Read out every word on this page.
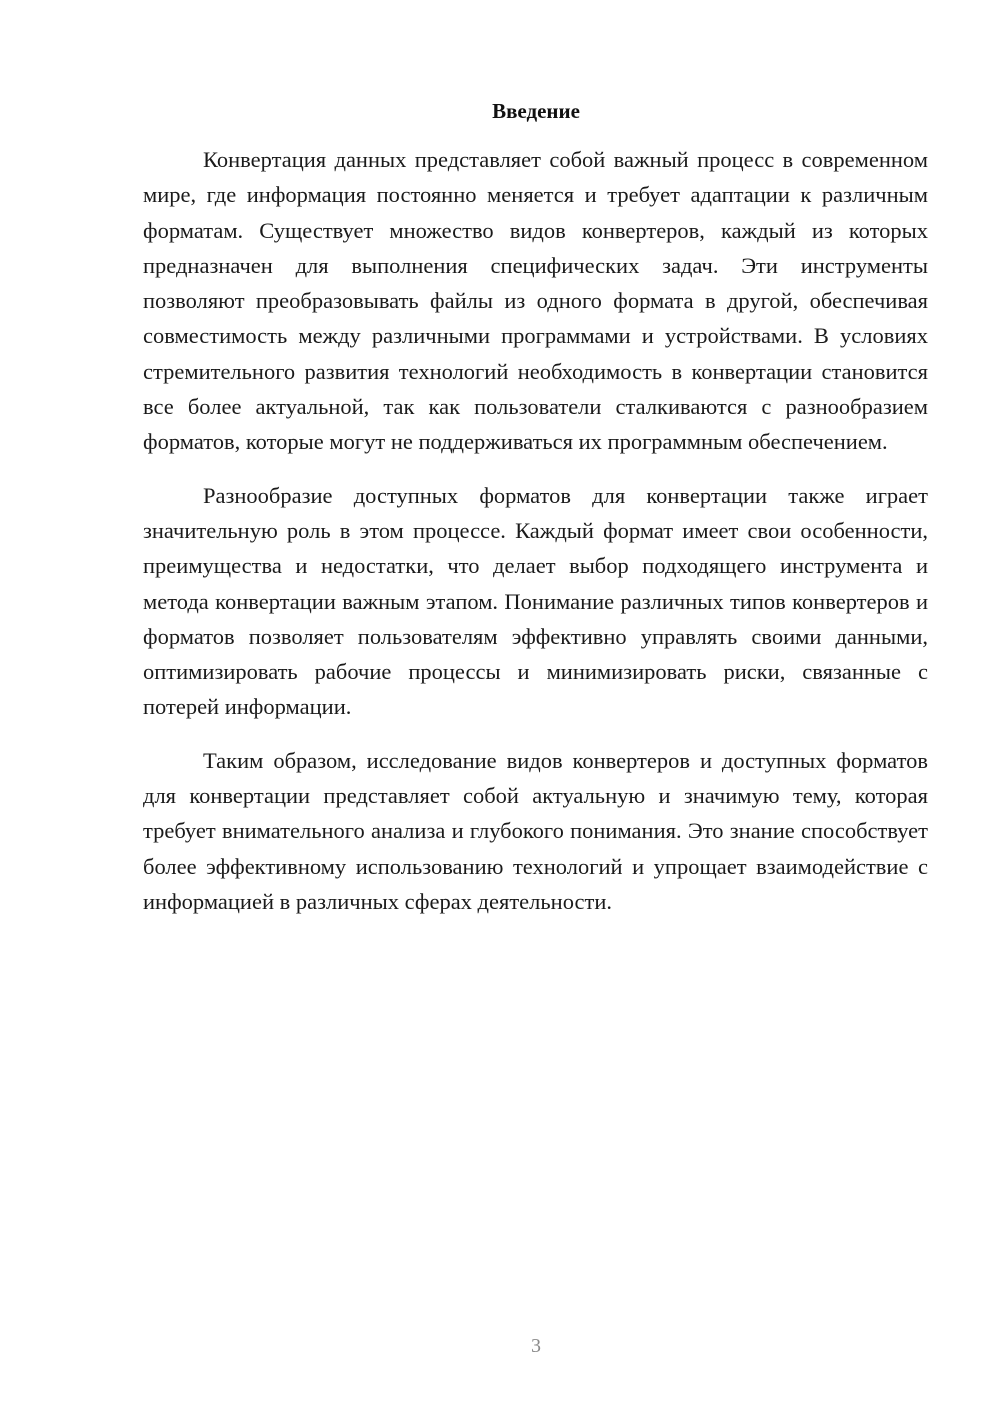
Введение

Конвертация данных представляет собой важный процесс в современном мире, где информация постоянно меняется и требует адаптации к различным форматам. Существует множество видов конвертеров, каждый из которых предназначен для выполнения специфических задач. Эти инструменты позволяют преобразовывать файлы из одного формата в другой, обеспечивая совместимость между различными программами и устройствами. В условиях стремительного развития технологий необходимость в конвертации становится все более актуальной, так как пользователи сталкиваются с разнообразием форматов, которые могут не поддерживаться их программным обеспечением.

Разнообразие доступных форматов для конвертации также играет значительную роль в этом процессе. Каждый формат имеет свои особенности, преимущества и недостатки, что делает выбор подходящего инструмента и метода конвертации важным этапом. Понимание различных типов конвертеров и форматов позволяет пользователям эффективно управлять своими данными, оптимизировать рабочие процессы и минимизировать риски, связанные с потерей информации.

Таким образом, исследование видов конвертеров и доступных форматов для конвертации представляет собой актуальную и значимую тему, которая требует внимательного анализа и глубокого понимания. Это знание способствует более эффективному использованию технологий и упрощает взаимодействие с информацией в различных сферах деятельности.

3
